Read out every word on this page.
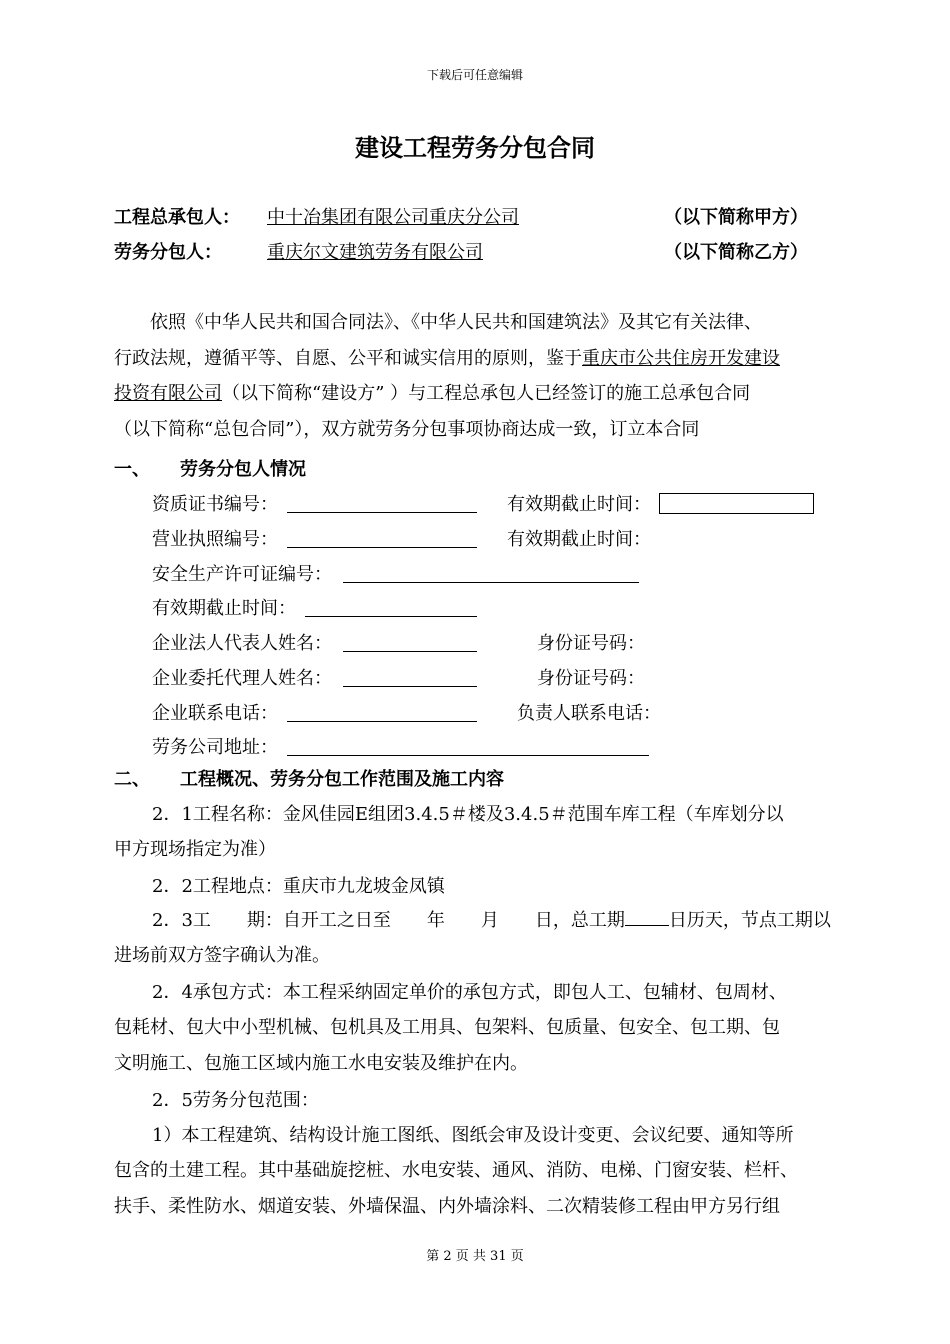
下载后可任意编辑
建设工程劳务分包合同
工程总承包人： 中十冶集团有限公司重庆分公司	（以下简称甲方）
劳务分包人：	重庆尔文建筑劳务有限公司	（以下简称乙方）

依照《中华人民共和国合同法》、《中华人民共和国建筑法》及其它有关法律、

行政法规，遵循平等、自愿、公平和诚实信用的原则，鉴于重庆市公共住房开发建设

投资有限公司（以下简称“建设方” ）与工程总承包人已经签订的施工总承包合同

（以下简称“总包合同”），双方就劳务分包事项协商达成一致，订立本合同

一、 劳务分包人情况
资质证书编号：	有效期截止时间：
营业执照编号：	有效期截止时间：
安全生产许可证编号：
有效期截止时间：
企业法人代表人姓名：	身份证号码：
企业委托代理人姓名：	身份证号码：
企业联系电话：	负责人联系电话：
劳务公司地址：
二、 工程概况、劳务分包工作范围及施工内容
2．1工程名称：金风佳园E组团3.4.5＃楼及3.4.5＃范围车库工程（车库划分以
甲方现场指定为准）
2．2工程地点：重庆市九龙坡金凤镇
2．3工　　期：自开工之日至　　年　　月　　日，总工期 日历天，节点工期以
进场前双方签字确认为准。
2．4承包方式：本工程采纳固定单价的承包方式，即包人工、包辅材、包周材、
包耗材、包大中小型机械、包机具及工用具、包架料、包质量、包安全、包工期、包
文明施工、包施工区域内施工水电安装及维护在内。
2．5劳务分包范围：
1）本工程建筑、结构设计施工图纸、图纸会审及设计变更、会议纪要、通知等所
包含的土建工程。其中基础旋挖桩、水电安装、通风、消防、电梯、门窗安装、栏杆、
扶手、柔性防水、烟道安装、外墙保温、内外墙涂料、二次精装修工程由甲方另行组
第 2 页 共 31 页
